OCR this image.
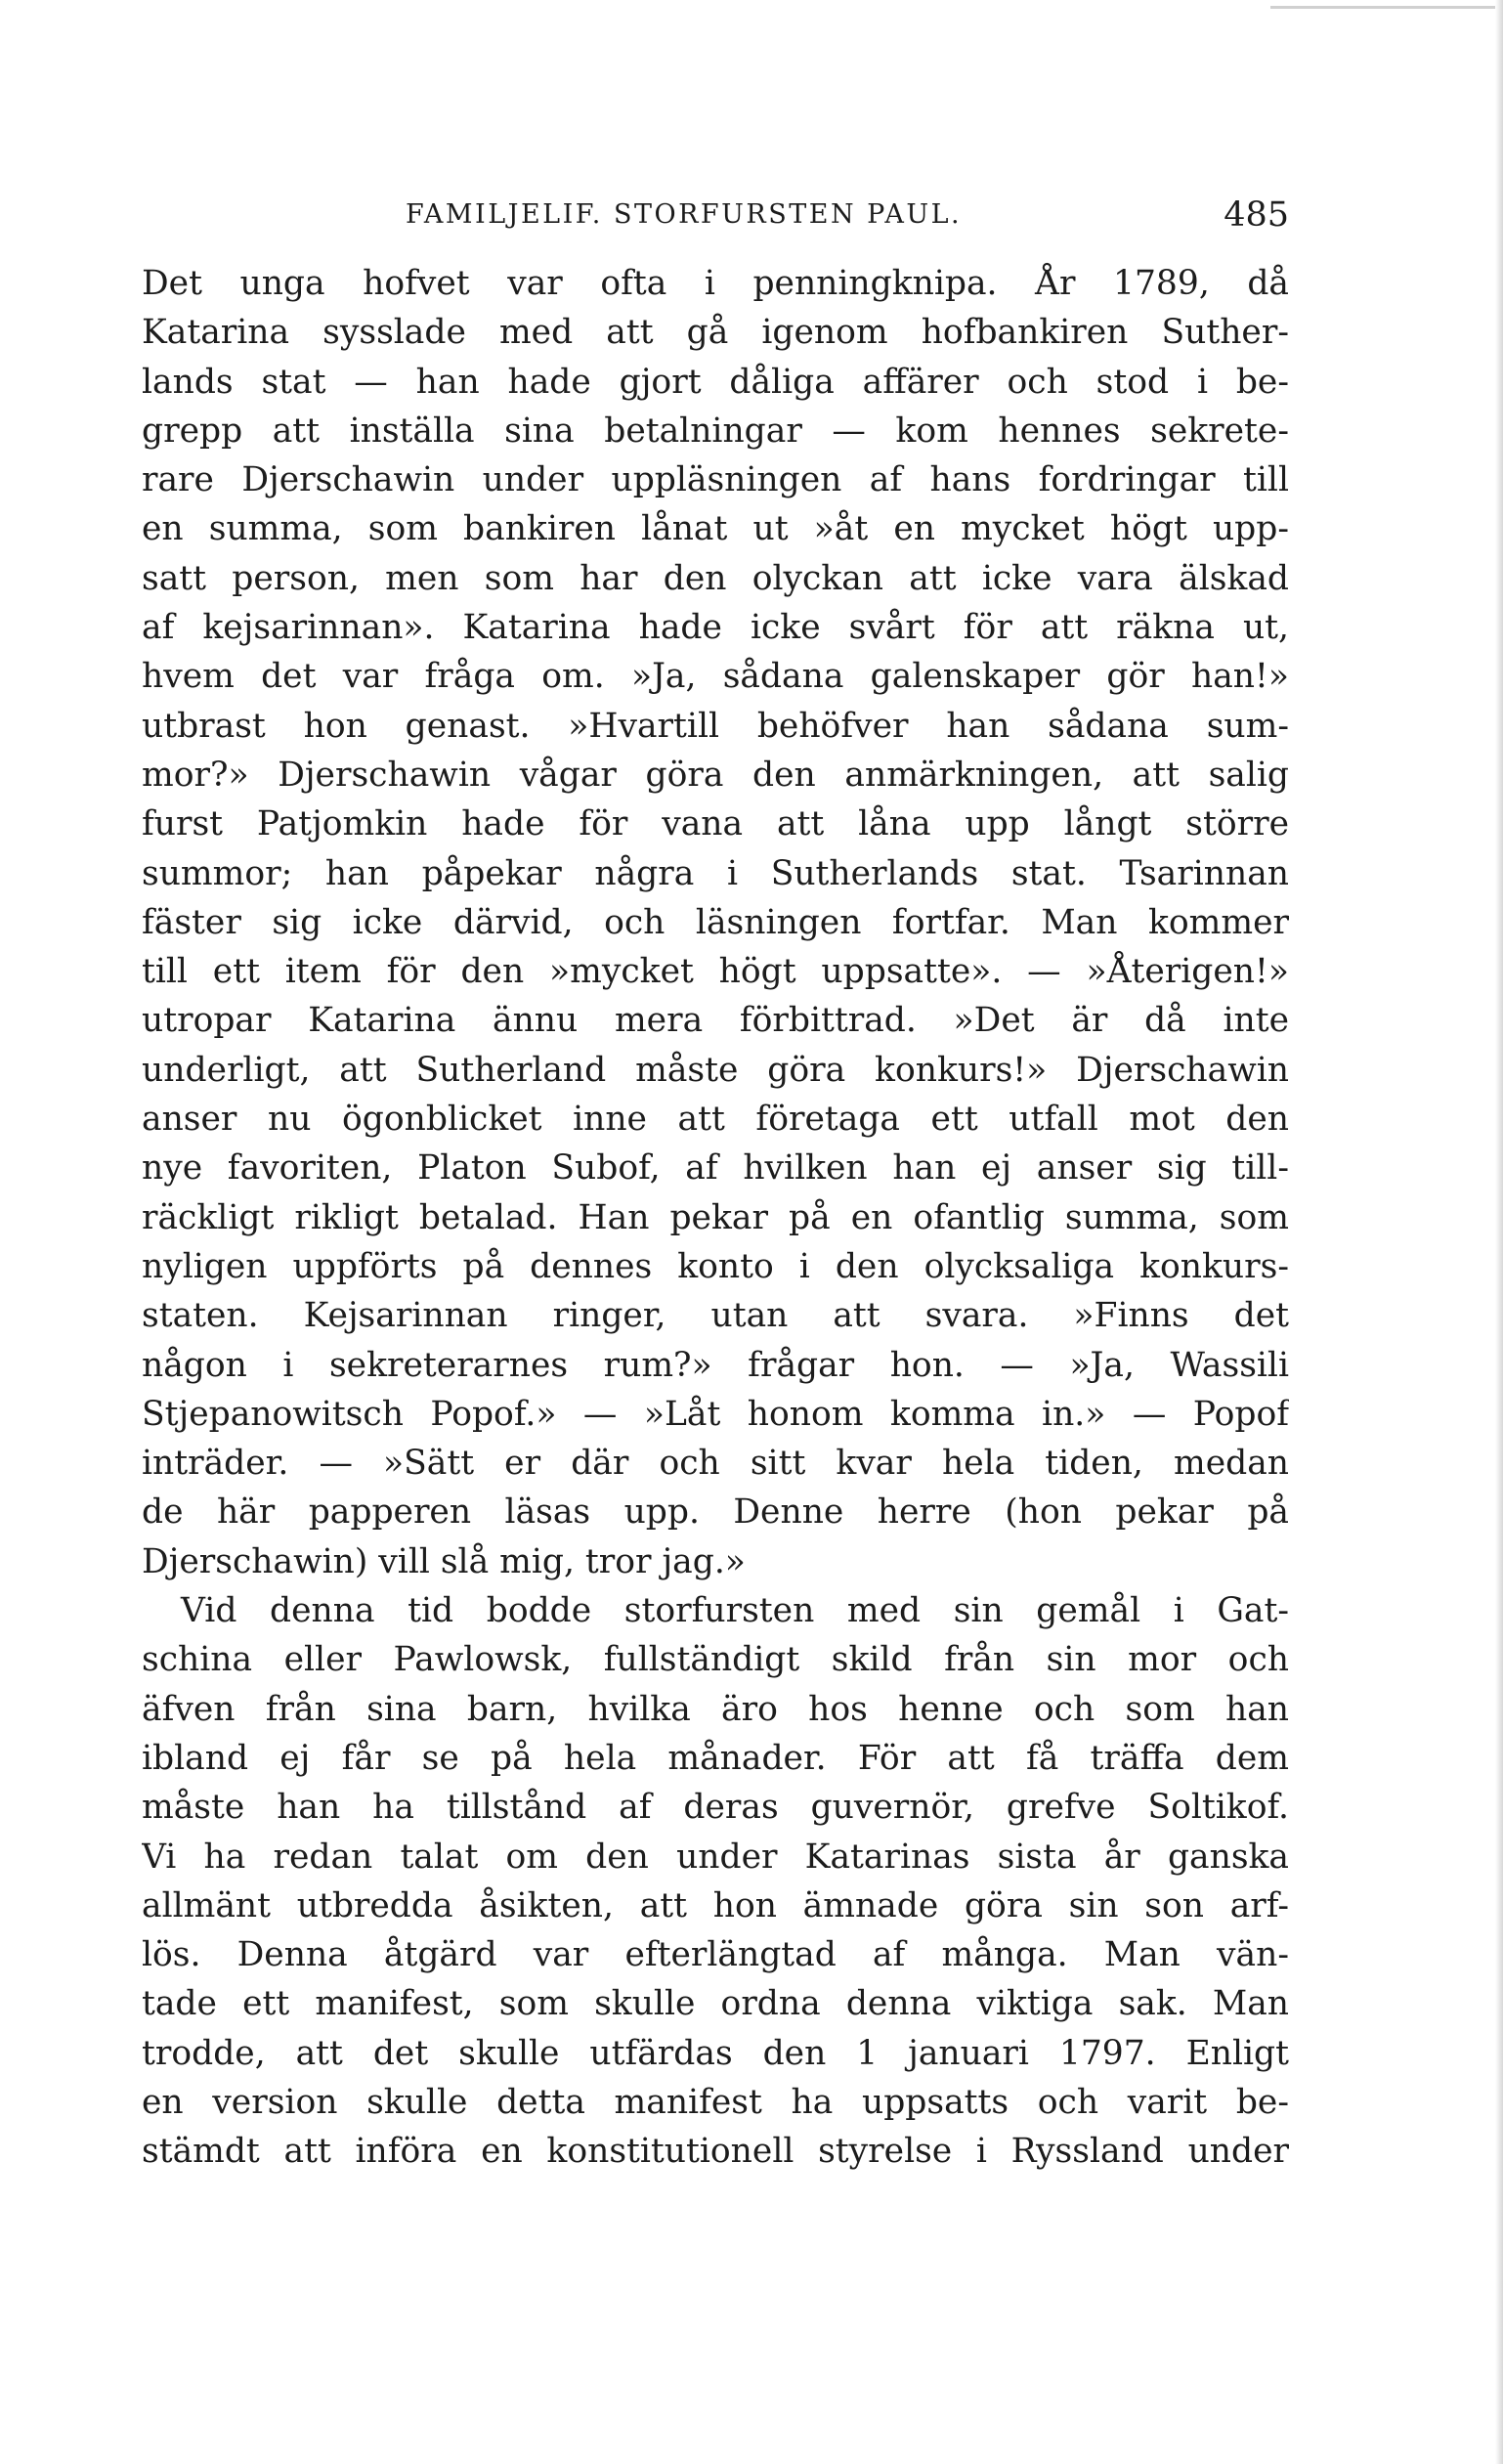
FAMILJELIF. STORFURSTEN PAUL.	485
Det unga hofvet var ofta i penningknipa. År 1789, då
Katarina sysslade med att gå igenom hofbankiren Suther-
lands stat — han hade gjort dåliga affärer och stod i be-
grepp att inställa sina betalningar — kom hennes sekrete-
rare Djerschawin under uppläsningen af hans fordringar till
en summa, som bankiren lånat ut »åt en mycket högt upp-
satt person, men som har den olyckan att icke vara älskad
af kejsarinnan». Katarina hade icke svårt för att räkna ut,
hvem det var fråga om. »Ja, sådana galenskaper gör han!»
utbrast hon genast. »Hvartill behöfver han sådana sum-
mor?» Djerschawin vågar göra den anmärkningen, att salig
furst Patjomkin hade för vana att låna upp långt större
summor; han påpekar några i Sutherlands stat. Tsarinnan
fäster sig icke därvid, och läsningen fortfar. Man kommer
till ett item för den »mycket högt uppsatte». — »Återigen!»
utropar Katarina ännu mera förbittrad. »Det är då inte
underligt, att Sutherland måste göra konkurs!» Djerschawin
anser nu ögonblicket inne att företaga ett utfall mot den
nye favoriten, Platon Subof, af hvilken han ej anser sig till-
räckligt rikligt betalad. Han pekar på en ofantlig summa, som
nyligen uppförts på dennes konto i den olycksaliga konkurs-
staten. Kejsarinnan ringer, utan att svara. »Finns det
någon i sekreterarnes rum?» frågar hon. — »Ja, Wassili
Stjepanowitsch Popof.» — »Låt honom komma in.» — Popof
inträder. — »Sätt er där och sitt kvar hela tiden, medan
de här papperen läsas upp. Denne herre (hon pekar på
Djerschawin) vill slå mig, tror jag.»
Vid denna tid bodde storfursten med sin gemål i Gat-
schina eller Pawlowsk, fullständigt skild från sin mor och
äfven från sina barn, hvilka äro hos henne och som han
ibland ej får se på hela månader. För att få träffa dem
måste han ha tillstånd af deras guvernör, grefve Soltikof.
Vi ha redan talat om den under Katarinas sista år ganska
allmänt utbredda åsikten, att hon ämnade göra sin son arf-
lös. Denna åtgärd var efterlängtad af många. Man vän-
tade ett manifest, som skulle ordna denna viktiga sak. Man
trodde, att det skulle utfärdas den 1 januari 1797. Enligt
en version skulle detta manifest ha uppsatts och varit be-
stämdt att införa en konstitutionell styrelse i Ryssland under
